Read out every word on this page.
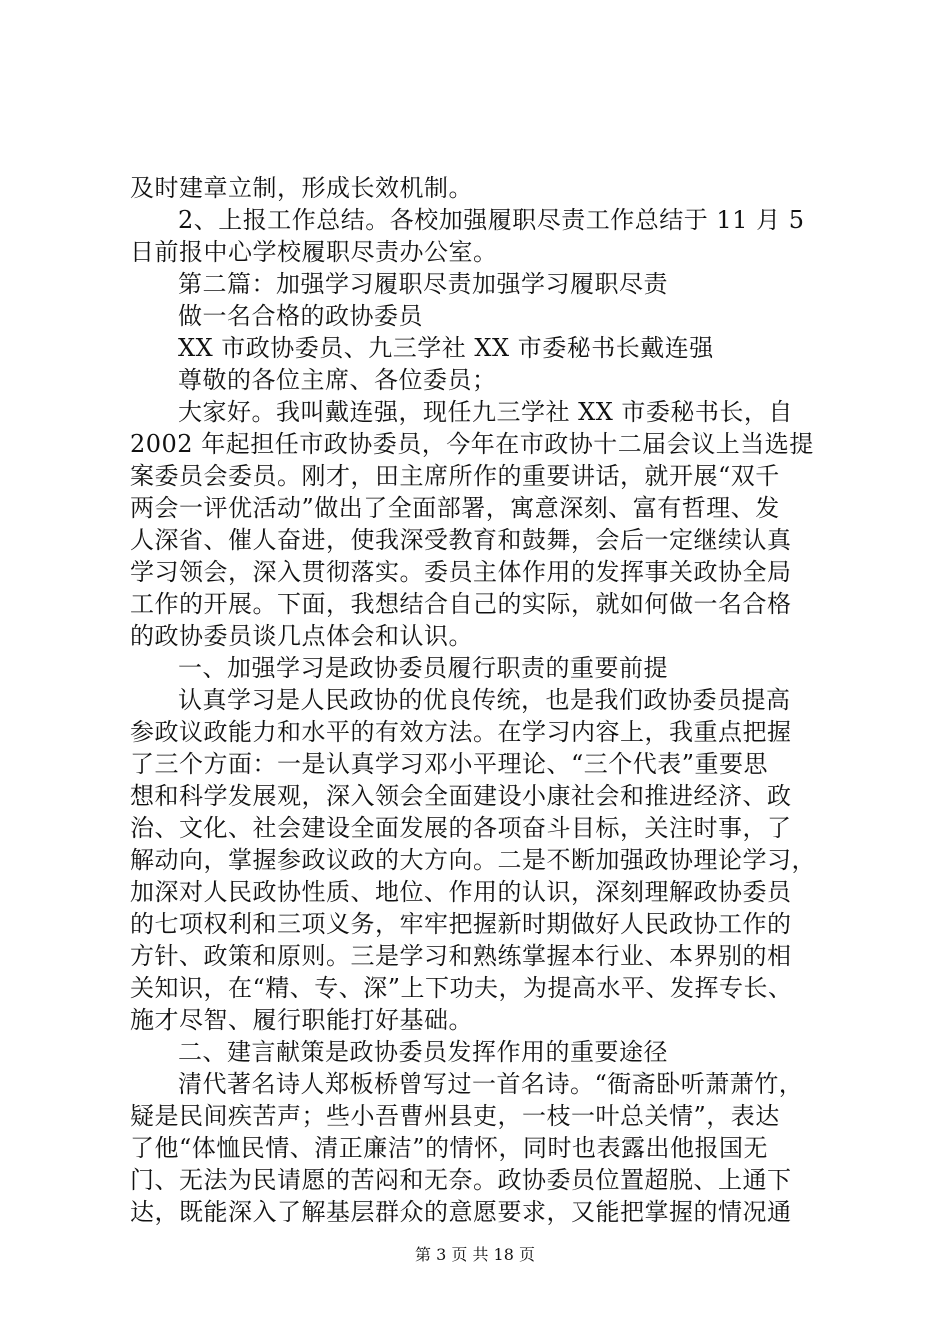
及时建章立制，形成长效机制。
2、上报工作总结。各校加强履职尽责工作总结于 11 月 5
日前报中心学校履职尽责办公室。
第二篇：加强学习履职尽责加强学习履职尽责
做一名合格的政协委员
XX 市政协委员、九三学社 XX 市委秘书长戴连强
尊敬的各位主席、各位委员；
大家好。我叫戴连强，现任九三学社 XX 市委秘书长，自
2002 年起担任市政协委员，今年在市政协十二届会议上当选提
案委员会委员。刚才，田主席所作的重要讲话，就开展“双千
两会一评优活动”做出了全面部署，寓意深刻、富有哲理、发
人深省、催人奋进，使我深受教育和鼓舞，会后一定继续认真
学习领会，深入贯彻落实。委员主体作用的发挥事关政协全局
工作的开展。下面，我想结合自己的实际，就如何做一名合格
的政协委员谈几点体会和认识。
一、加强学习是政协委员履行职责的重要前提
认真学习是人民政协的优良传统，也是我们政协委员提高
参政议政能力和水平的有效方法。在学习内容上，我重点把握
了三个方面：一是认真学习邓小平理论、“三个代表”重要思
想和科学发展观，深入领会全面建设小康社会和推进经济、政
治、文化、社会建设全面发展的各项奋斗目标，关注时事，了
解动向，掌握参政议政的大方向。二是不断加强政协理论学习，
加深对人民政协性质、地位、作用的认识，深刻理解政协委员
的七项权利和三项义务，牢牢把握新时期做好人民政协工作的
方针、政策和原则。三是学习和熟练掌握本行业、本界别的相
关知识，在“精、专、深”上下功夫，为提高水平、发挥专长、
施才尽智、履行职能打好基础。
二、建言献策是政协委员发挥作用的重要途径
清代著名诗人郑板桥曾写过一首名诗。“衙斋卧听萧萧竹，
疑是民间疾苦声；些小吾曹州县吏，一枝一叶总关情”，表达
了他“体恤民情、清正廉洁”的情怀，同时也表露出他报国无
门、无法为民请愿的苦闷和无奈。政协委员位置超脱、上通下
达，既能深入了解基层群众的意愿要求，又能把掌握的情况通
第 3 页 共 18 页
